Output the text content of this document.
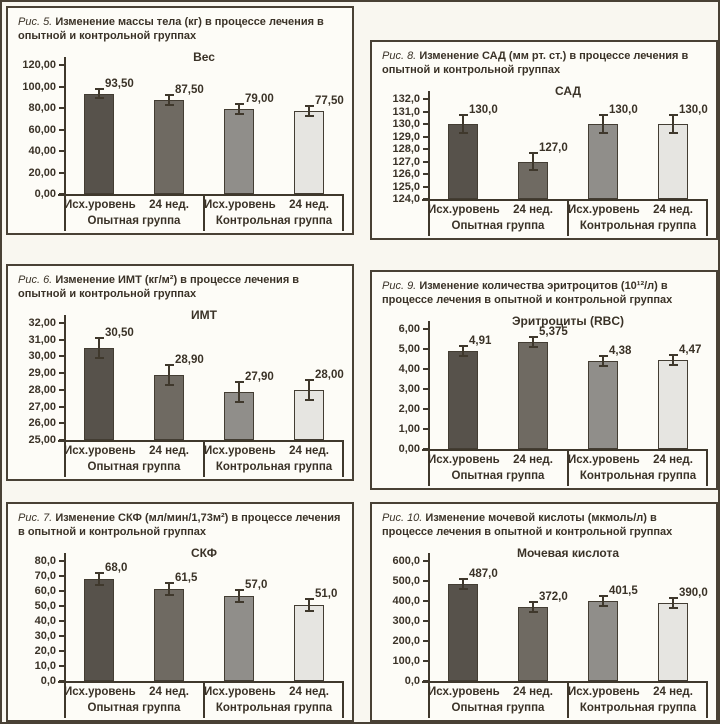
Рис. 5. Изменение массы тела (кг) в процессе лечения в опытной и контрольной группах
Вес
120,00
100,00
80,00
60,00
40,00
20,00
0,00
93,50
87,50
79,00	77,50
Исх.уровень	24 нед.	Исх.уровень	24 нед.
Опытная группа	Контрольная группа
Рис. 8. Изменение САД (мм рт. ст.) в процессе лечения в опытной и контрольной группах
САД
132,0
131,0
130,0
129,0
128,0
127,0
126,0
125,0
124,0
130,0
127,0
130,0	130,0
Исх.уровень	24 нед.	Исх.уровень	24 нед.
Опытная группа	Контрольная группа
Рис. 6. Изменение ИМТ (кг/м²) в процессе лечения в опытной и контрольной группах
ИМТ
32,00
31,00
30,00
29,00
28,00
27,00
26,00
25,00
30,50
28,90
27,90	28,00
Исх.уровень	24 нед.	Исх.уровень	24 нед.
Опытная группа	Контрольная группа
Рис. 9. Изменение количества эритроцитов (10¹²/л) в процессе лечения в опытной и контрольной группах
Эритроциты (RBC)
6,00
5,00
4,00
3,00
2,00
1,00
0,00
4,91
5,375
4,38	4,47
Исх.уровень	24 нед.	Исх.уровень	24 нед.
Опытная группа	Контрольная группа
Рис. 7. Изменение СКФ (мл/мин/1,73м²) в процессе лечения в опытной и контрольной группах
СКФ
80,0
70,0
60,0
50,0
40,0
30,0
20,0
10,0
0,0
68,0
61,5
57,0
51,0
Исх.уровень	24 нед.	Исх.уровень	24 нед.
Опытная группа	Контрольная группа
Рис. 10. Изменение мочевой кислоты (мкмоль/л) в процессе лечения в опытной и контрольной группах
Мочевая кислота
600,0
500,0
400,0
300,0
200,0
100,0
0,0
487,0
372,0	401,5	390,0
Исх.уровень	24 нед.	Исх.уровень	24 нед.
Опытная группа	Контрольная группа
